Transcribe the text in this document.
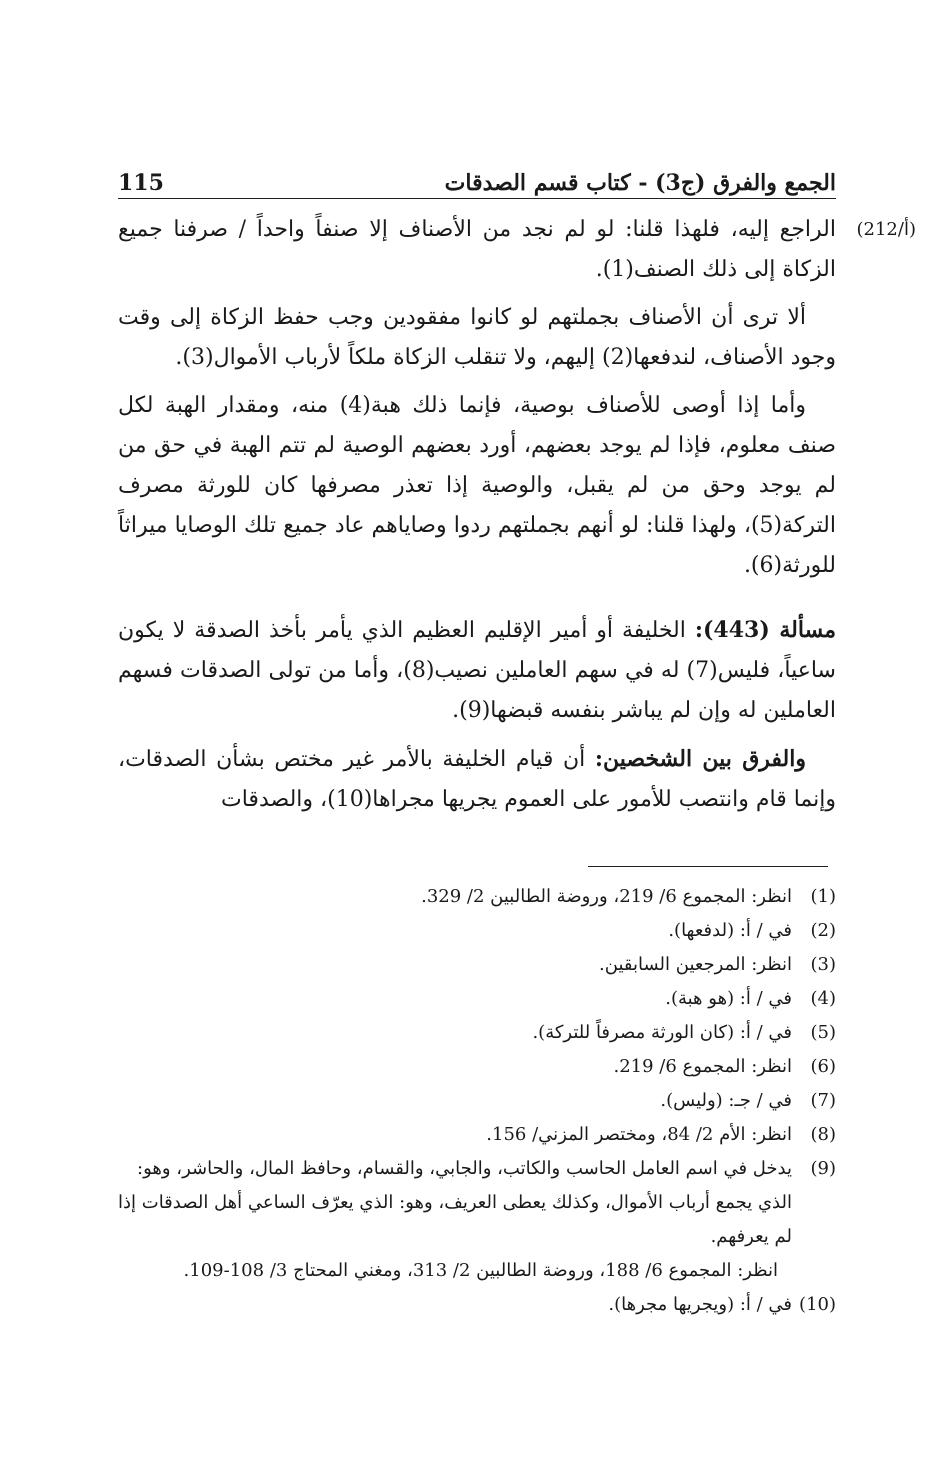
115	الجمع والفرق (ج3) - كتاب قسم الصدقات

(212/أ)
الراجع إليه، فلهذا قلنا: لو لم نجد من الأصناف إلا صنفاً واحداً / صرفنا جميع الزكاة إلى ذلك الصنف(1).

ألا ترى أن الأصناف بجملتهم لو كانوا مفقودين وجب حفظ الزكاة إلى وقت وجود الأصناف، لندفعها(2) إليهم، ولا تنقلب الزكاة ملكاً لأرباب الأموال(3).

وأما إذا أوصى للأصناف بوصية، فإنما ذلك هبة(4) منه، ومقدار الهبة لكل صنف معلوم، فإذا لم يوجد بعضهم، أورد بعضهم الوصية لم تتم الهبة في حق من لم يوجد وحق من لم يقبل، والوصية إذا تعذر مصرفها كان للورثة مصرف التركة(5)، ولهذا قلنا: لو أنهم بجملتهم ردوا وصاياهم عاد جميع تلك الوصايا ميراثاً للورثة(6).

مسألة (443): الخليفة أو أمير الإقليم العظيم الذي يأمر بأخذ الصدقة لا يكون ساعياً، فليس(7) له في سهم العاملين نصيب(8)، وأما من تولى الصدقات فسهم العاملين له وإن لم يباشر بنفسه قبضها(9).

والفرق بين الشخصين: أن قيام الخليفة بالأمر غير مختص بشأن الصدقات، وإنما قام وانتصب للأمور على العموم يجريها مجراها(10)، والصدقات

(1)
انظر: المجموع 6/ 219، وروضة الطالبين 2/ 329.
(2)
في / أ: (لدفعها).
(3)
انظر: المرجعين السابقين.
(4)
في / أ: (هو هبة).
(5)
في / أ: (كان الورثة مصرفاً للتركة).
(6)
انظر: المجموع 6/ 219.
(7)
في / جـ: (وليس).
(8)
انظر: الأم 2/ 84، ومختصر المزني/ 156.
(9)
يدخل في اسم العامل الحاسب والكاتب، والجابي، والقسام، وحافظ المال، والحاشر، وهو: الذي يجمع أرباب الأموال، وكذلك يعطى العريف، وهو: الذي يعرّف الساعي أهل الصدقات إذا لم يعرفهم.
انظر: المجموع 6/ 188، وروضة الطالبين 2/ 313، ومغني المحتاج 3/ 108-109.
(10)
في / أ: (ويجريها مجرها).
